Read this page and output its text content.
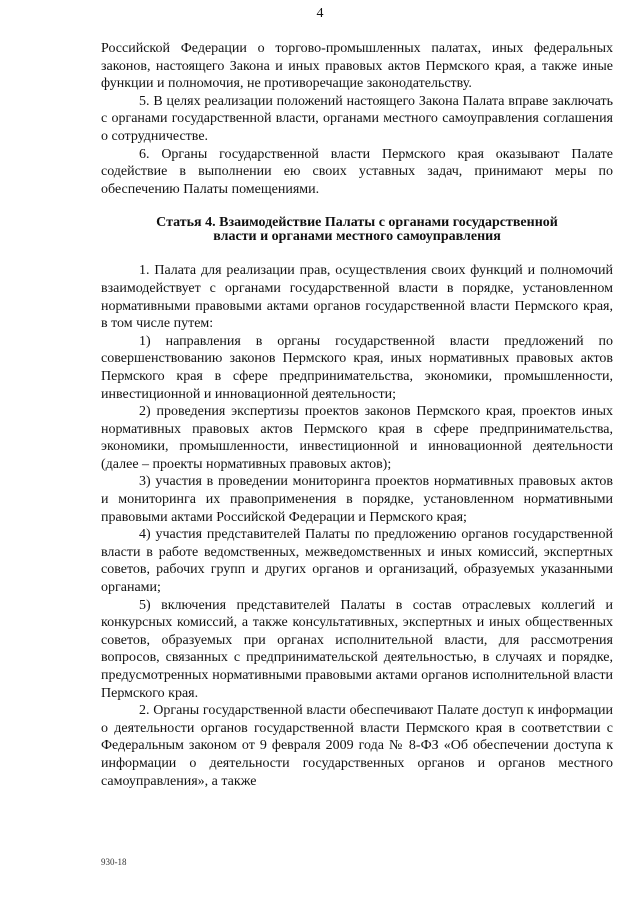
4

Российской Федерации о торгово-промышленных палатах, иных федеральных законов, настоящего Закона и иных правовых актов Пермского края, а также иные функции и полномочия, не противоречащие законодательству.

5. В целях реализации положений настоящего Закона Палата вправе заключать с органами государственной власти, органами местного самоуправления соглашения о сотрудничестве.

6. Органы государственной власти Пермского края оказывают Палате содействие в выполнении ею своих уставных задач, принимают меры по обеспечению Палаты помещениями.

Статья 4. Взаимодействие Палаты с органами государственной
власти и органами местного самоуправления

1. Палата для реализации прав, осуществления своих функций и полномочий взаимодействует с органами государственной власти в порядке, установленном нормативными правовыми актами органов государственной власти Пермского края, в том числе путем:

1) направления в органы государственной власти предложений по совершенствованию законов Пермского края, иных нормативных правовых актов Пермского края в сфере предпринимательства, экономики, промышленности, инвестиционной и инновационной деятельности;

2) проведения экспертизы проектов законов Пермского края, проектов иных нормативных правовых актов Пермского края в сфере предпринимательства, экономики, промышленности, инвестиционной и инновационной деятельности (далее – проекты нормативных правовых актов);

3) участия в проведении мониторинга проектов нормативных правовых актов и мониторинга их правоприменения в порядке, установленном нормативными правовыми актами Российской Федерации и Пермского края;

4) участия представителей Палаты по предложению органов государственной власти в работе ведомственных, межведомственных и иных комиссий, экспертных советов, рабочих групп и других органов и организаций, образуемых указанными органами;

5) включения представителей Палаты в состав отраслевых коллегий и конкурсных комиссий, а также консультативных, экспертных и иных общественных советов, образуемых при органах исполнительной власти, для рассмотрения вопросов, связанных с предпринимательской деятельностью, в случаях и порядке, предусмотренных нормативными правовыми актами органов исполнительной власти Пермского края.

2. Органы государственной власти обеспечивают Палате доступ к информации о деятельности органов государственной власти Пермского края в соответствии с Федеральным законом от 9 февраля 2009 года № 8-ФЗ «Об обеспечении доступа к информации о деятельности государственных органов и органов местного самоуправления», а также

930-18
